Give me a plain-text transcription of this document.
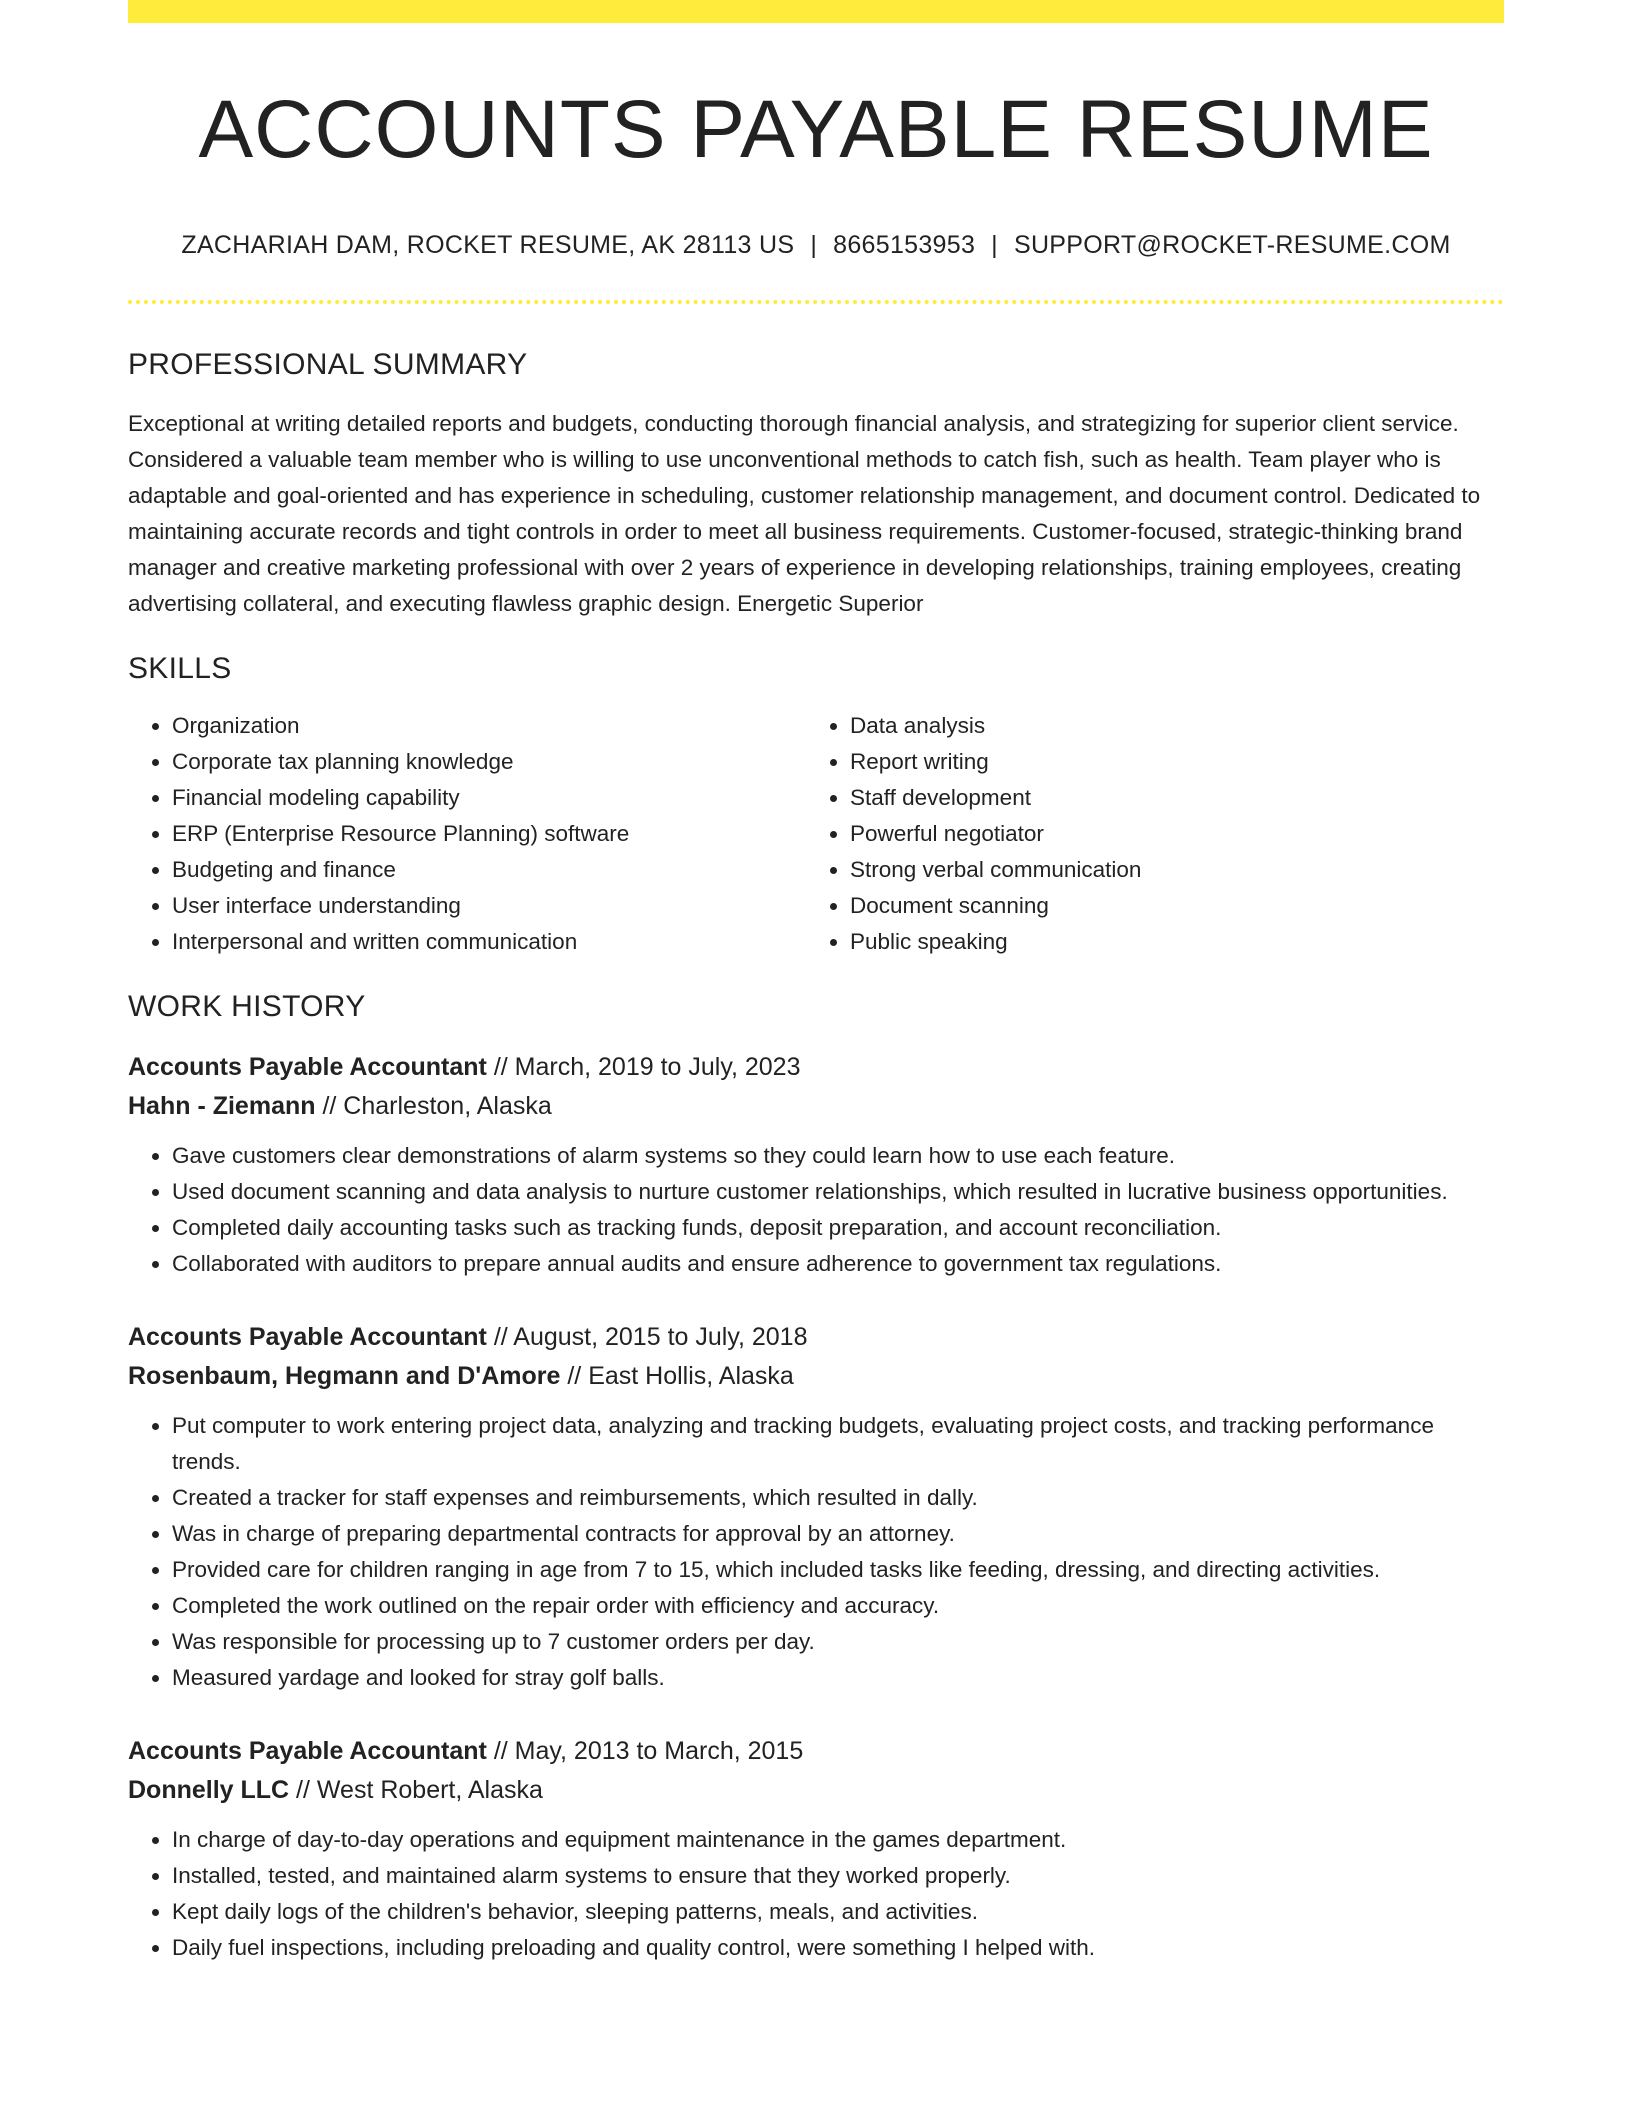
ACCOUNTS PAYABLE RESUME
ZACHARIAH DAM, ROCKET RESUME, AK 28113 US | 8665153953 | SUPPORT@ROCKET-RESUME.COM
PROFESSIONAL SUMMARY

Exceptional at writing detailed reports and budgets, conducting thorough financial analysis, and strategizing for superior client service. Considered a valuable team member who is willing to use unconventional methods to catch fish, such as health. Team player who is adaptable and goal-oriented and has experience in scheduling, customer relationship management, and document control. Dedicated to maintaining accurate records and tight controls in order to meet all business requirements. Customer-focused, strategic-thinking brand manager and creative marketing professional with over 2 years of experience in developing relationships, training employees, creating advertising collateral, and executing flawless graphic design. Energetic Superior

SKILLS
• Organization
• Corporate tax planning knowledge
• Financial modeling capability
• ERP (Enterprise Resource Planning) software
• Budgeting and finance
• User interface understanding
• Interpersonal and written communication
• Data analysis
• Report writing
• Staff development
• Powerful negotiator
• Strong verbal communication
• Document scanning
• Public speaking
WORK HISTORY
Accounts Payable Accountant // March, 2019 to July, 2023
Hahn - Ziemann // Charleston, Alaska
• Gave customers clear demonstrations of alarm systems so they could learn how to use each feature.
• Used document scanning and data analysis to nurture customer relationships, which resulted in lucrative business opportunities.
• Completed daily accounting tasks such as tracking funds, deposit preparation, and account reconciliation.
• Collaborated with auditors to prepare annual audits and ensure adherence to government tax regulations.
Accounts Payable Accountant // August, 2015 to July, 2018
Rosenbaum, Hegmann and D'Amore // East Hollis, Alaska
• Put computer to work entering project data, analyzing and tracking budgets, evaluating project costs, and tracking performance trends.
• Created a tracker for staff expenses and reimbursements, which resulted in dally.
• Was in charge of preparing departmental contracts for approval by an attorney.
• Provided care for children ranging in age from 7 to 15, which included tasks like feeding, dressing, and directing activities.
• Completed the work outlined on the repair order with efficiency and accuracy.
• Was responsible for processing up to 7 customer orders per day.
• Measured yardage and looked for stray golf balls.
Accounts Payable Accountant // May, 2013 to March, 2015
Donnelly LLC // West Robert, Alaska
• In charge of day-to-day operations and equipment maintenance in the games department.
• Installed, tested, and maintained alarm systems to ensure that they worked properly.
• Kept daily logs of the children's behavior, sleeping patterns, meals, and activities.
• Daily fuel inspections, including preloading and quality control, were something I helped with.
